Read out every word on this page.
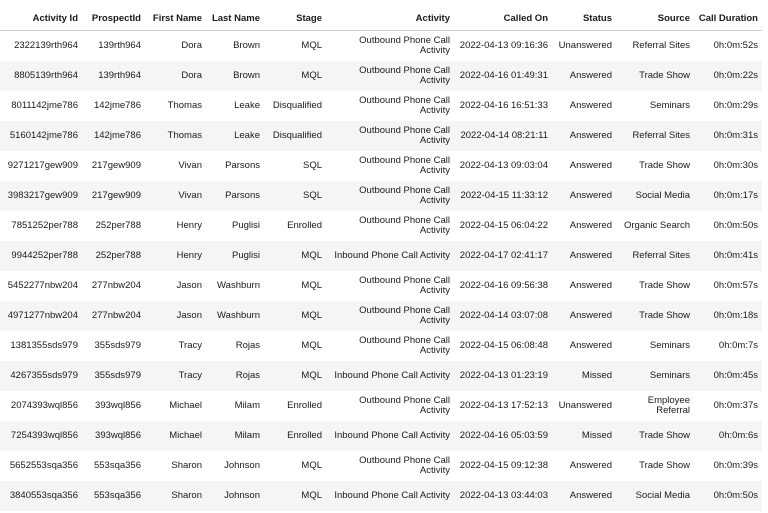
Activity Id	ProspectId	First Name	Last Name	Stage	Activity	Called On	Status	Source	Call Duration
2322139rth964	139rth964	Dora	Brown	MQL	Outbound Phone Call Activity	2022-04-13 09:16:36	Unanswered	Referral Sites	0h:0m:52s
8805139rth964	139rth964	Dora	Brown	MQL	Outbound Phone Call Activity	2022-04-16 01:49:31	Answered	Trade Show	0h:0m:22s
8011142jme786	142jme786	Thomas	Leake	Disqualified	Outbound Phone Call Activity	2022-04-16 16:51:33	Answered	Seminars	0h:0m:29s
5160142jme786	142jme786	Thomas	Leake	Disqualified	Outbound Phone Call Activity	2022-04-14 08:21:11	Answered	Referral Sites	0h:0m:31s
9271217gew909	217gew909	Vivan	Parsons	SQL	Outbound Phone Call Activity	2022-04-13 09:03:04	Answered	Trade Show	0h:0m:30s
3983217gew909	217gew909	Vivan	Parsons	SQL	Outbound Phone Call Activity	2022-04-15 11:33:12	Answered	Social Media	0h:0m:17s
7851252per788	252per788	Henry	Puglisi	Enrolled	Outbound Phone Call Activity	2022-04-15 06:04:22	Answered	Organic Search	0h:0m:50s
9944252per788	252per788	Henry	Puglisi	MQL	Inbound Phone Call Activity	2022-04-17 02:41:17	Answered	Referral Sites	0h:0m:41s
5452277nbw204	277nbw204	Jason	Washburn	MQL	Outbound Phone Call Activity	2022-04-16 09:56:38	Answered	Trade Show	0h:0m:57s
4971277nbw204	277nbw204	Jason	Washburn	MQL	Outbound Phone Call Activity	2022-04-14 03:07:08	Answered	Trade Show	0h:0m:18s
1381355sds979	355sds979	Tracy	Rojas	MQL	Outbound Phone Call Activity	2022-04-15 06:08:48	Answered	Seminars	0h:0m:7s
4267355sds979	355sds979	Tracy	Rojas	MQL	Inbound Phone Call Activity	2022-04-13 01:23:19	Missed	Seminars	0h:0m:45s
2074393wql856	393wql856	Michael	Milam	Enrolled	Outbound Phone Call Activity	2022-04-13 17:52:13	Unanswered	Employee Referral	0h:0m:37s
7254393wql856	393wql856	Michael	Milam	Enrolled	Inbound Phone Call Activity	2022-04-16 05:03:59	Missed	Trade Show	0h:0m:6s
5652553sqa356	553sqa356	Sharon	Johnson	MQL	Outbound Phone Call Activity	2022-04-15 09:12:38	Answered	Trade Show	0h:0m:39s
3840553sqa356	553sqa356	Sharon	Johnson	MQL	Inbound Phone Call Activity	2022-04-13 03:44:03	Answered	Social Media	0h:0m:50s
